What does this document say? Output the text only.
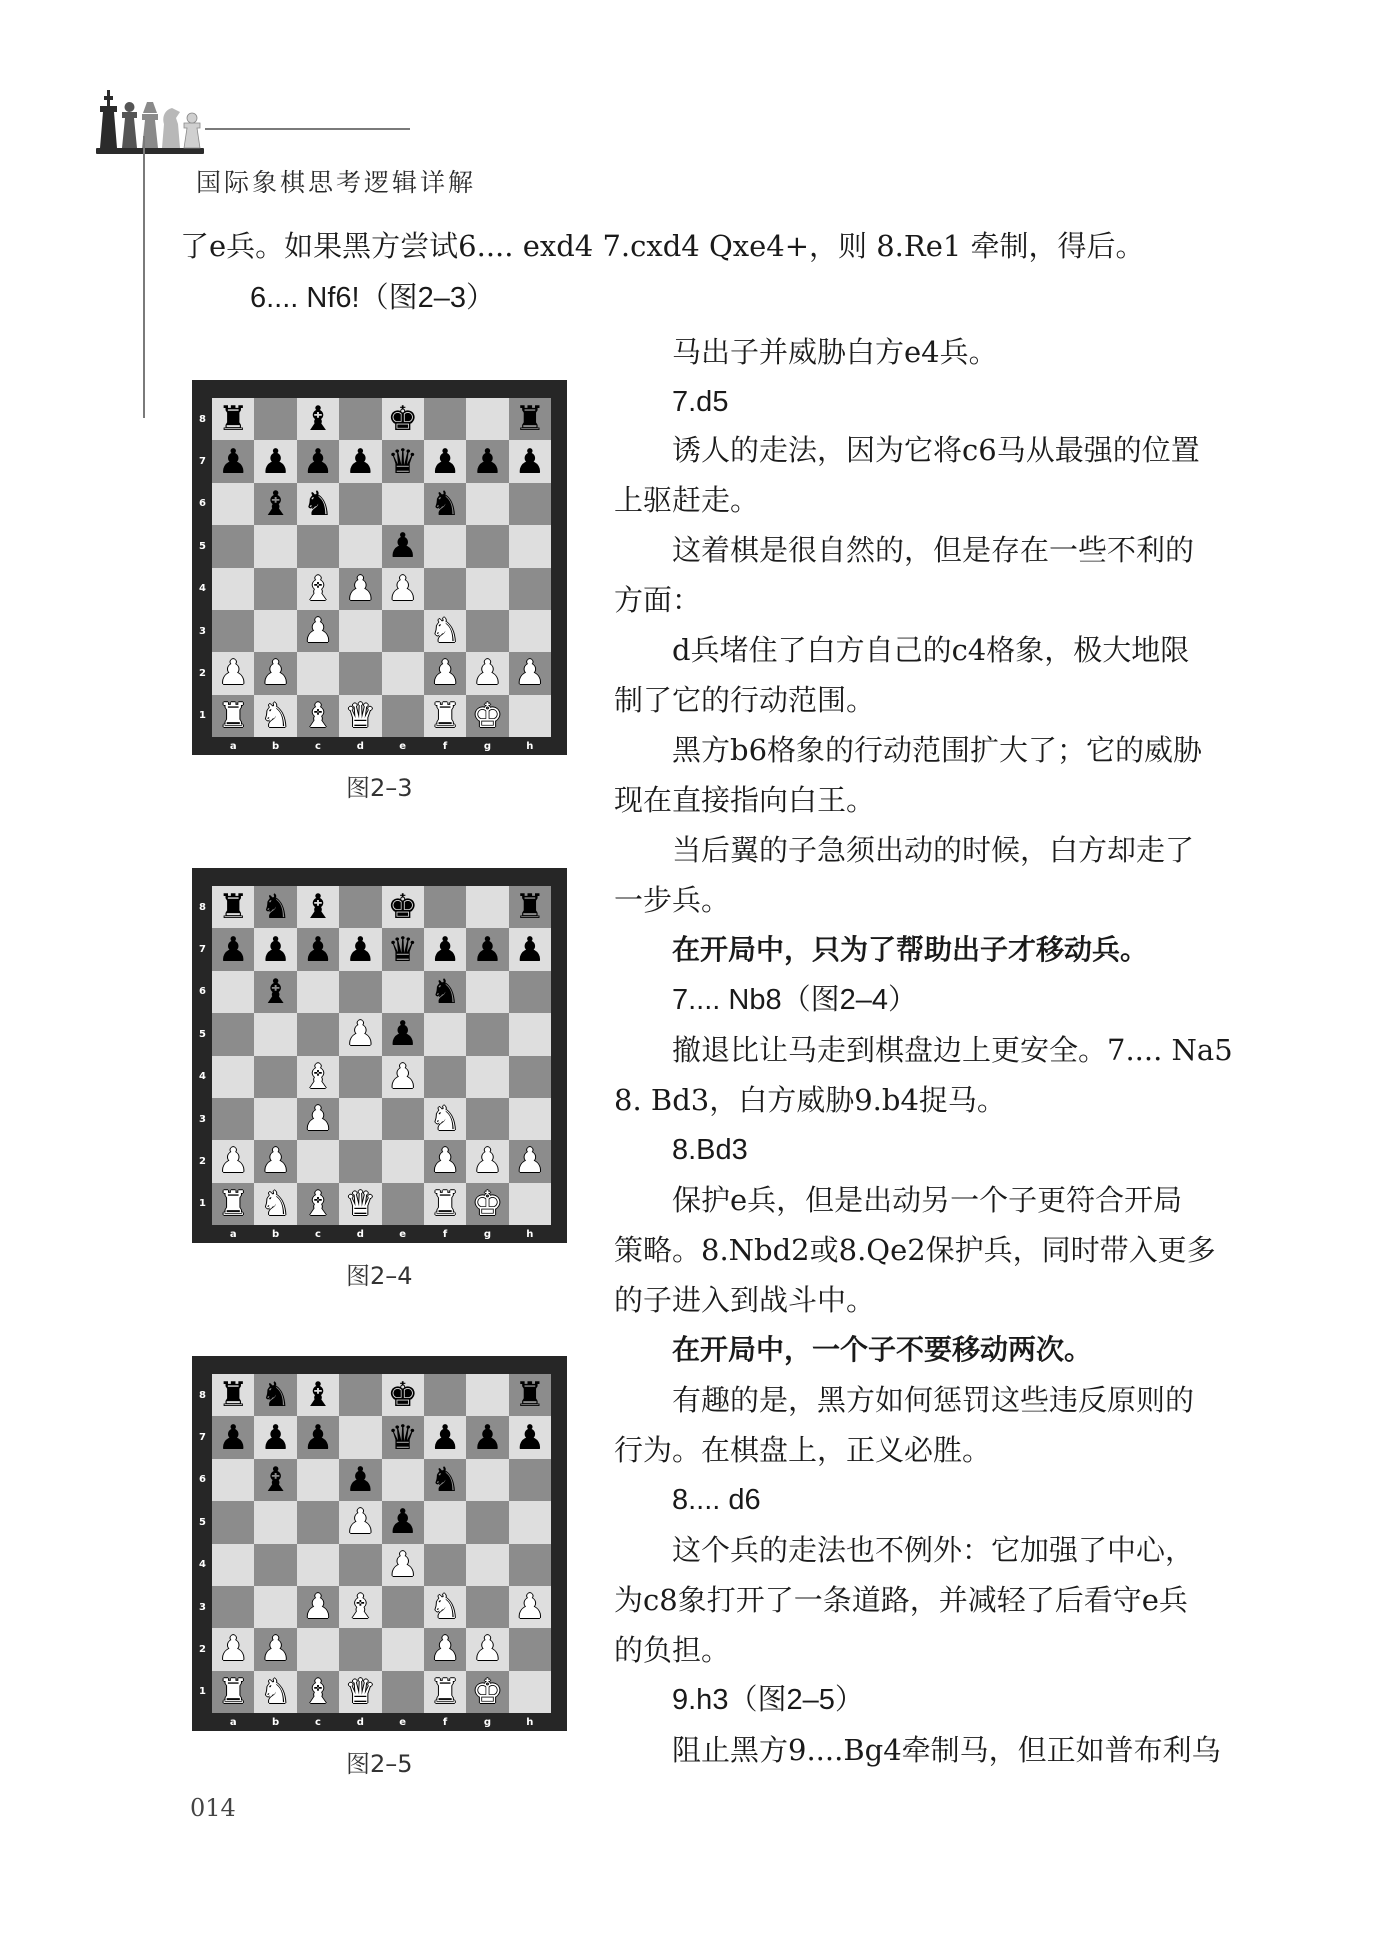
国际象棋思考逻辑详解
了e兵。如果黑方尝试6.... exd4 7.cxd4 Qxe4+，则 8.Re1 牵制，得后。
6.... Nf6!（图2–3）
马出子并威胁白方e4兵。
7.d5
诱人的走法，因为它将c6马从最强的位置
上驱赶走。
这着棋是很自然的，但是存在一些不利的
方面：
d兵堵住了白方自己的c4格象，极大地限
制了它的行动范围。
黑方b6格象的行动范围扩大了；它的威胁
现在直接指向白王。
当后翼的子急须出动的时候，白方却走了
一步兵。
在开局中，只为了帮助出子才移动兵。
7.... Nb8（图2–4）
撤退比让马走到棋盘边上更安全。7.... Na5
8. Bd3，白方威胁9.b4捉马。
8.Bd3
保护e兵，但是出动另一个子更符合开局
策略。8.Nbd2或8.Qe2保护兵，同时带入更多
的子进入到战斗中。
在开局中，一个子不要移动两次。
有趣的是，黑方如何惩罚这些违反原则的
行为。在棋盘上，正义必胜。
8.... d6
这个兵的走法也不例外：它加强了中心，
为c8象打开了一条道路，并减轻了后看守e兵
的负担。
9.h3（图2–5）
阻止黑方9....Bg4牵制马，但正如普布利乌
8
7
6
5
4
3
2
1
♜ ♝ ♚	♜
♟ ♟ ♟ ♟ ♛ ♟ ♟ ♟
♝ ♞	♞
♟
♝ ♟ ♟
♟	♞
♟ ♟	♟ ♟ ♟
♜ ♞ ♝ ♛ ♜ ♚
a	b	c	d	e	f	g	h
图2–3
8
7
6
5
4
3
2
1
♜ ♞ ♝ ♚	♜
♟ ♟ ♟ ♟ ♛ ♟ ♟ ♟
♝	♞
♟ ♟
♝ ♟
♟	♞
♟ ♟	♟ ♟ ♟
♜ ♞ ♝ ♛ ♜ ♚
a	b	c	d	e	f	g	h
图2–4
8
7
6
5
4
3
2
1
♜ ♞ ♝ ♚	♜
♟ ♟ ♟ ♛ ♟ ♟ ♟
♝ ♟ ♞
♟ ♟
♟
♟ ♝ ♞ ♟
♟ ♟	♟ ♟
♜ ♞ ♝ ♛ ♜ ♚
a	b	c	d	e	f	g	h
图2–5
014
